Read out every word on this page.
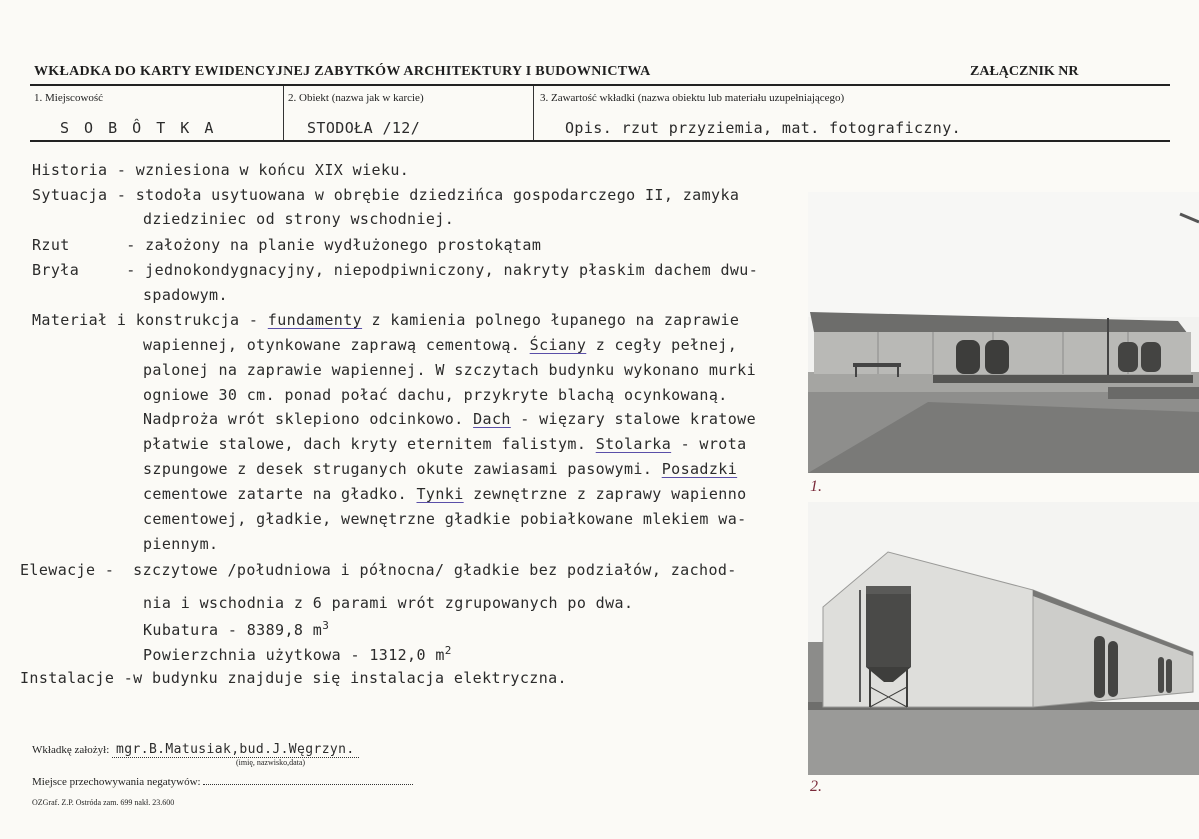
WKŁADKA DO KARTY EWIDENCYJNEJ ZABYTKÓW ARCHITEKTURY I BUDOWNICTWA	ZAŁĄCZNIK NR
1. Miejscowość
S O B Ô T K A
2. Obiekt (nazwa jak w karcie)
STODOŁA /12/
3. Zawartość wkładki (nazwa obiektu lub materiału uzupełniającego)
Opis. rzut przyziemia, mat. fotograficzny.
Historia - wzniesiona w końcu XIX wieku.
Sytuacja - stodoła usytuowana w obrębie dziedzińca gospodarczego II, zamyka
dziedziniec od strony wschodniej.
Rzut      - założony na planie wydłużonego prostokątam
Bryła     - jednokondygnacyjny, niepodpiwniczony, nakryty płaskim dachem dwu-
spadowym.
Materiał i konstrukcja - fundamenty z kamienia polnego łupanego na zaprawie
wapiennej, otynkowane zaprawą cementową. Ściany z cegły pełnej,
palonej na zaprawie wapiennej. W szczytach budynku wykonano murki
ogniowe 30 cm. ponad połać dachu, przykryte blachą ocynkowaną.
Nadproża wrót sklepiono odcinkowo. Dach - więzary stalowe kratowe
płatwie stalowe, dach kryty eternitem falistym. Stolarka - wrota
szpungowe z desek struganych okute zawiasami pasowymi. Posadzki
cementowe zatarte na gładko. Tynki zewnętrzne z zaprawy wapienno
cementowej, gładkie, wewnętrzne gładkie pobiałkowane mlekiem wa-
piennym.
Elewacje -  szczytowe /południowa i północna/ gładkie bez podziałów, zachod-
nia i wschodnia z 6 parami wrót zgrupowanych po dwa.
Kubatura - 8389,8 $m^3$
Powierzchnia użytkowa - 1312,0 $m^2$
Instalacje -w budynku znajduje się instalacja elektryczna.
Wkładkę założył: mgr.B.Matusiak,bud.J.Węgrzyn.
(imię, nazwisko,data)
Miejsce przechowywania negatywów:
OZGraf. Z.P. Ostróda zam. 699 nakł. 23.600
1.
2.
